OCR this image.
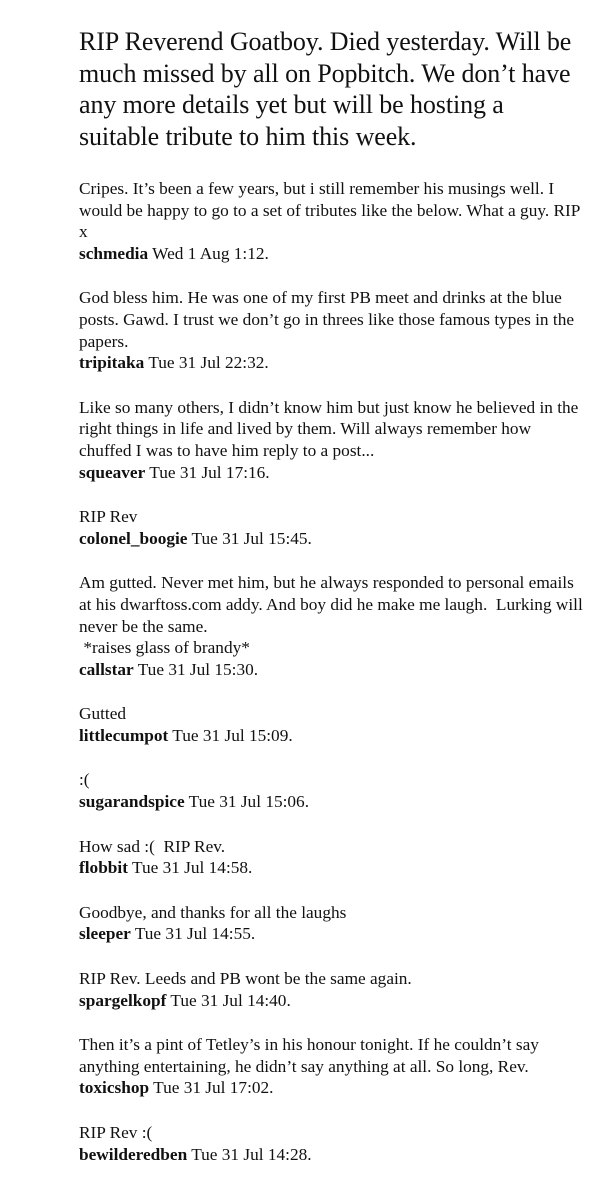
RIP Reverend Goatboy. Died yesterday. Will be much missed by all on Popbitch. We don’t have any more details yet but will be hosting a suitable tribute to him this week.
Cripes. It’s been a few years, but i still remember his musings well. I would be happy to go to a set of tributes like the below. What a guy. RIP x
schmedia Wed 1 Aug 1:12.
God bless him. He was one of my first PB meet and drinks at the blue posts. Gawd. I trust we don’t go in threes like those famous types in the papers.
tripitaka Tue 31 Jul 22:32.
Like so many others, I didn’t know him but just know he believed in the right things in life and lived by them. Will always remember how chuffed I was to have him reply to a post...
squeaver Tue 31 Jul 17:16.
RIP Rev
colonel_boogie Tue 31 Jul 15:45.
Am gutted. Never met him, but he always responded to personal emails at his dwarftoss.com addy. And boy did he make me laugh.  Lurking will never be the same.
*raises glass of brandy*
callstar Tue 31 Jul 15:30.
Gutted
littlecumpot Tue 31 Jul 15:09.
:(
sugarandspice Tue 31 Jul 15:06.
How sad :(  RIP Rev.
flobbit Tue 31 Jul 14:58.
Goodbye, and thanks for all the laughs
sleeper Tue 31 Jul 14:55.
RIP Rev. Leeds and PB wont be the same again.
spargelkopf Tue 31 Jul 14:40.
Then it’s a pint of Tetley’s in his honour tonight. If he couldn’t say anything entertaining, he didn’t say anything at all. So long, Rev.
toxicshop Tue 31 Jul 17:02.
RIP Rev :(
bewilderedben Tue 31 Jul 14:28.
